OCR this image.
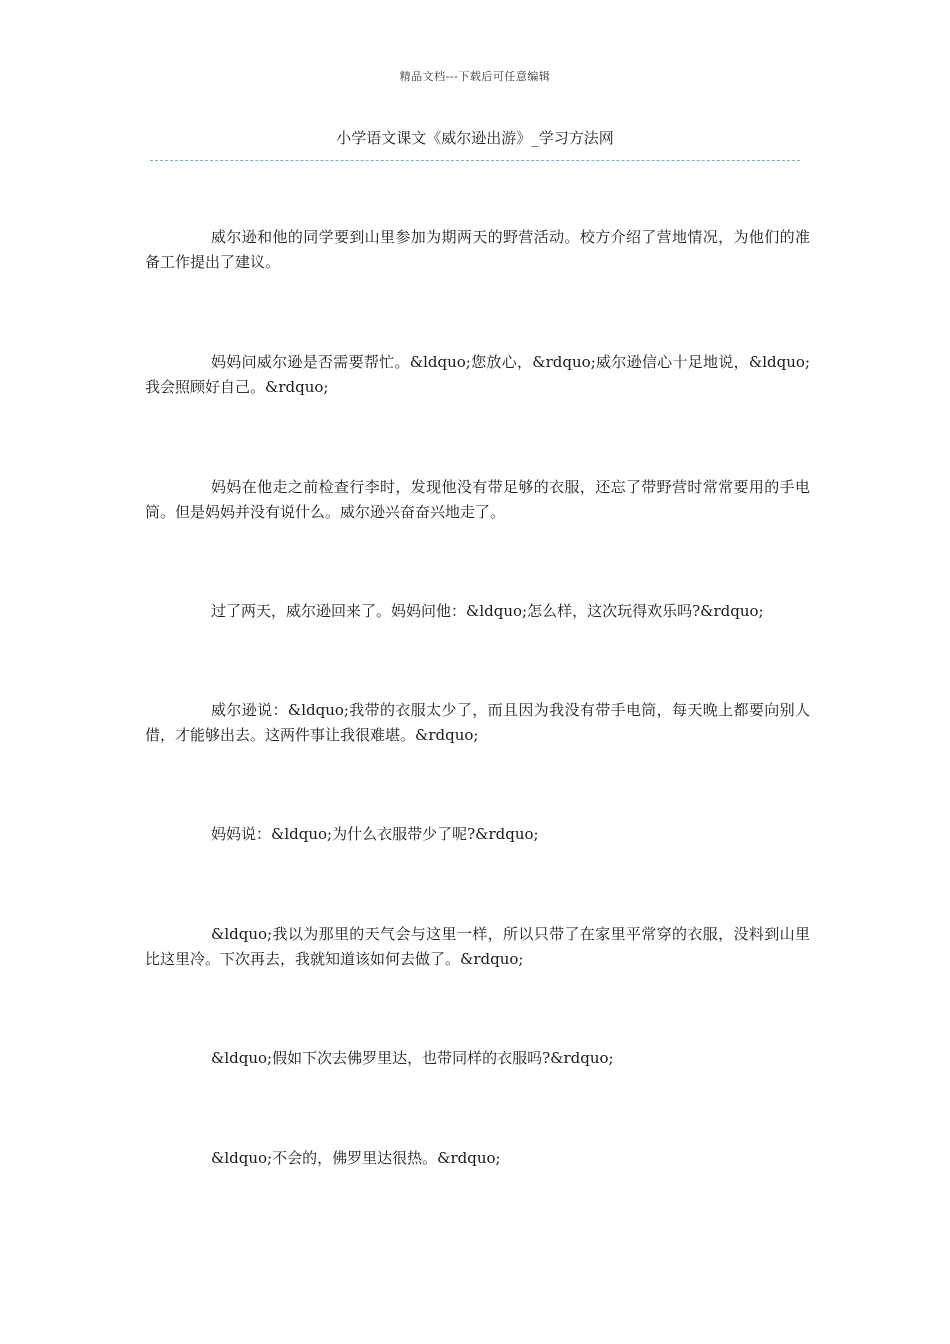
精品文档---下载后可任意编辑
小学语文课文《威尔逊出游》_学习方法网

威尔逊和他的同学要到山里参加为期两天的野营活动。校方介绍了营地情况，为他们的准备工作提出了建议。

妈妈问威尔逊是否需要帮忙。&ldquo;您放心，&rdquo;威尔逊信心十足地说，&ldquo;我会照顾好自己。&rdquo;

妈妈在他走之前检查行李时，发现他没有带足够的衣服，还忘了带野营时常常要用的手电筒。但是妈妈并没有说什么。威尔逊兴奋奋兴地走了。

过了两天，威尔逊回来了。妈妈问他：&ldquo;怎么样，这次玩得欢乐吗?&rdquo;

威尔逊说：&ldquo;我带的衣服太少了，而且因为我没有带手电筒，每天晚上都要向别人借，才能够出去。这两件事让我很难堪。&rdquo;

妈妈说：&ldquo;为什么衣服带少了呢?&rdquo;

&ldquo;我以为那里的天气会与这里一样，所以只带了在家里平常穿的衣服，没料到山里比这里冷。下次再去，我就知道该如何去做了。&rdquo;

&ldquo;假如下次去佛罗里达，也带同样的衣服吗?&rdquo;

&ldquo;不会的，佛罗里达很热。&rdquo;
